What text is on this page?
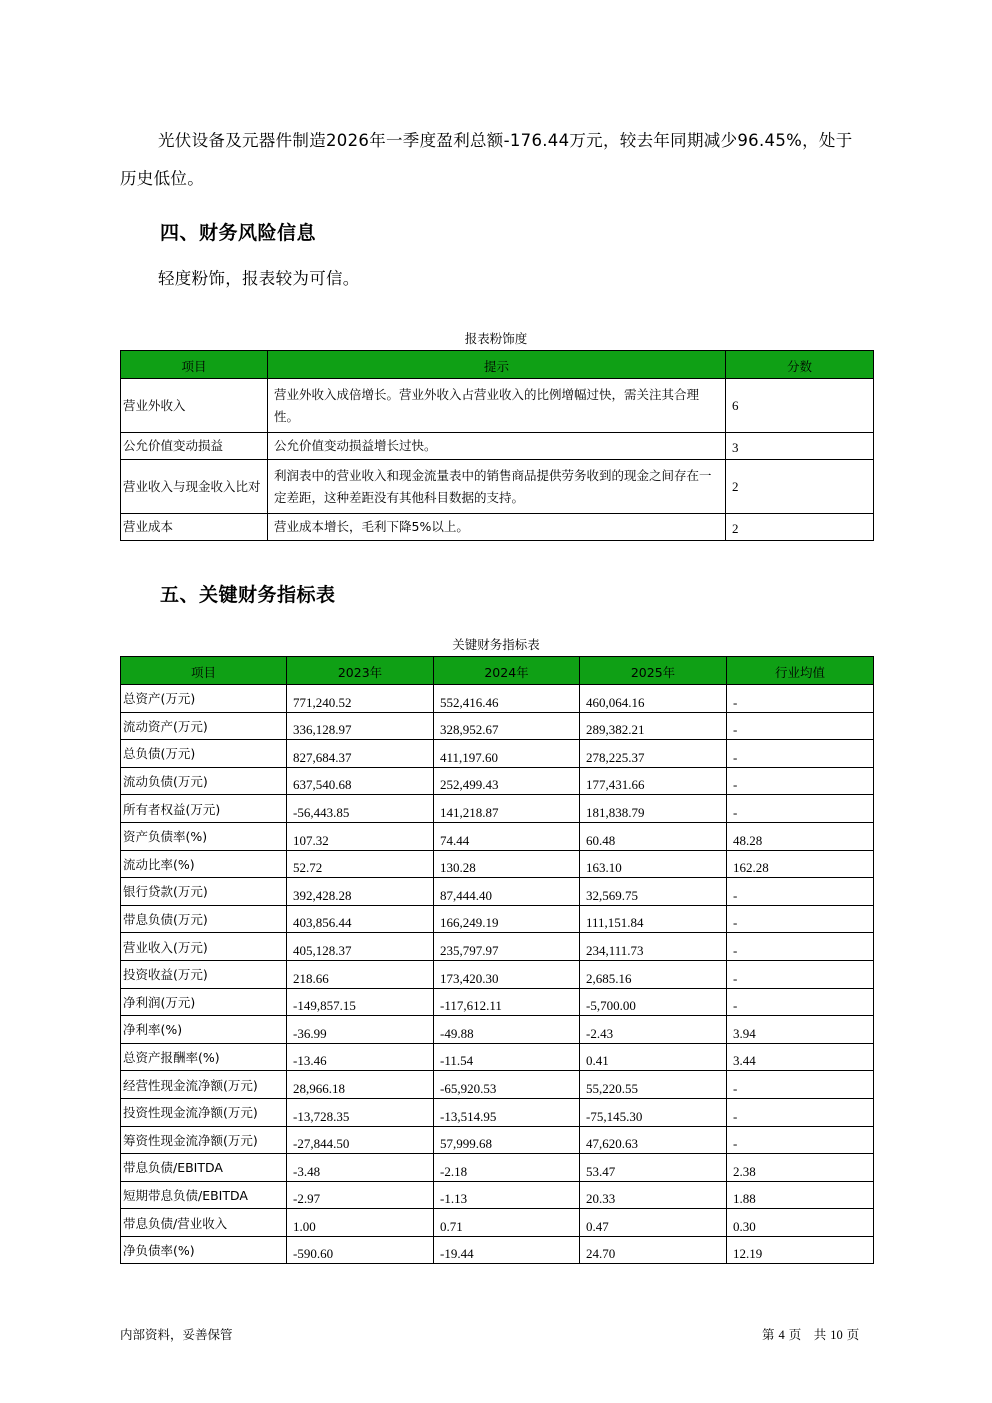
光伏设备及元器件制造2026年一季度盈利总额-176.44万元，较去年同期减少96.45%，处于
历史低位。
四、财务风险信息
轻度粉饰，报表较为可信。
报表粉饰度
项目	提示	分数
营业外收入	营业外收入成倍增长。营业外收入占营业收入的比例增幅过快，需关注其合理性。	6
公允价值变动损益	公允价值变动损益增长过快。	3
营业收入与现金收入比对	利润表中的营业收入和现金流量表中的销售商品提供劳务收到的现金之间存在一定差距，这种差距没有其他科目数据的支持。	2
营业成本	营业成本增长，毛利下降5%以上。	2
五、关键财务指标表
关键财务指标表
项目	2023年	2024年	2025年	行业均值
总资产(万元)	771,240.52	552,416.46	460,064.16	-
流动资产(万元)	336,128.97	328,952.67	289,382.21	-
总负债(万元)	827,684.37	411,197.60	278,225.37	-
流动负债(万元)	637,540.68	252,499.43	177,431.66	-
所有者权益(万元)	-56,443.85	141,218.87	181,838.79	-
资产负债率(%)	107.32	74.44	60.48	48.28
流动比率(%)	52.72	130.28	163.10	162.28
银行贷款(万元)	392,428.28	87,444.40	32,569.75	-
带息负债(万元)	403,856.44	166,249.19	111,151.84	-
营业收入(万元)	405,128.37	235,797.97	234,111.73	-
投资收益(万元)	218.66	173,420.30	2,685.16	-
净利润(万元)	-149,857.15	-117,612.11	-5,700.00	-
净利率(%)	-36.99	-49.88	-2.43	3.94
总资产报酬率(%)	-13.46	-11.54	0.41	3.44
经营性现金流净额(万元)	28,966.18	-65,920.53	55,220.55	-
投资性现金流净额(万元)	-13,728.35	-13,514.95	-75,145.30	-
筹资性现金流净额(万元)	-27,844.50	57,999.68	47,620.63	-
带息负债/EBITDA	-3.48	-2.18	53.47	2.38
短期带息负债/EBITDA	-2.97	-1.13	20.33	1.88
带息负债/营业收入	1.00	0.71	0.47	0.30
净负债率(%)	-590.60	-19.44	24.70	12.19
内部资料，妥善保管	第 4 页　共 10 页
